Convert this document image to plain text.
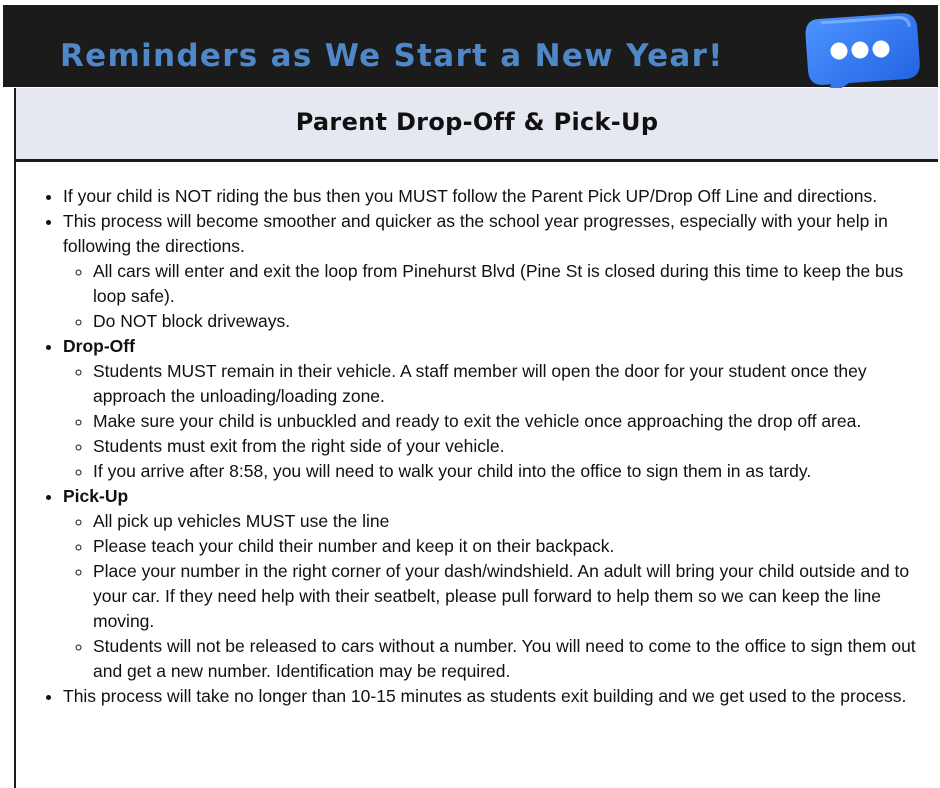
Reminders as We Start a New Year!
Parent Drop-Off & Pick-Up
• If your child is NOT riding the bus then you MUST follow the Parent Pick UP/Drop Off Line and directions.
• This process will become smoother and quicker as the school year progresses, especially with your help in following the directions.
◦ All cars will enter and exit the loop from Pinehurst Blvd (Pine St is closed during this time to keep the bus loop safe).
◦ Do NOT block driveways.
• Drop-Off
◦ Students MUST remain in their vehicle. A staff member will open the door for your student once they approach the unloading/loading zone.
◦ Make sure your child is unbuckled and ready to exit the vehicle once approaching the drop off area.
◦ Students must exit from the right side of your vehicle.
◦ If you arrive after 8:58, you will need to walk your child into the office to sign them in as tardy.
• Pick-Up
◦ All pick up vehicles MUST use the line
◦ Please teach your child their number and keep it on their backpack.
◦ Place your number in the right corner of your dash/windshield. An adult will bring your child outside and to your car. If they need help with their seatbelt, please pull forward to help them so we can keep the line moving.
◦ Students will not be released to cars without a number. You will need to come to the office to sign them out and get a new number. Identification may be required.
• This process will take no longer than 10-15 minutes as students exit building and we get used to the process.
